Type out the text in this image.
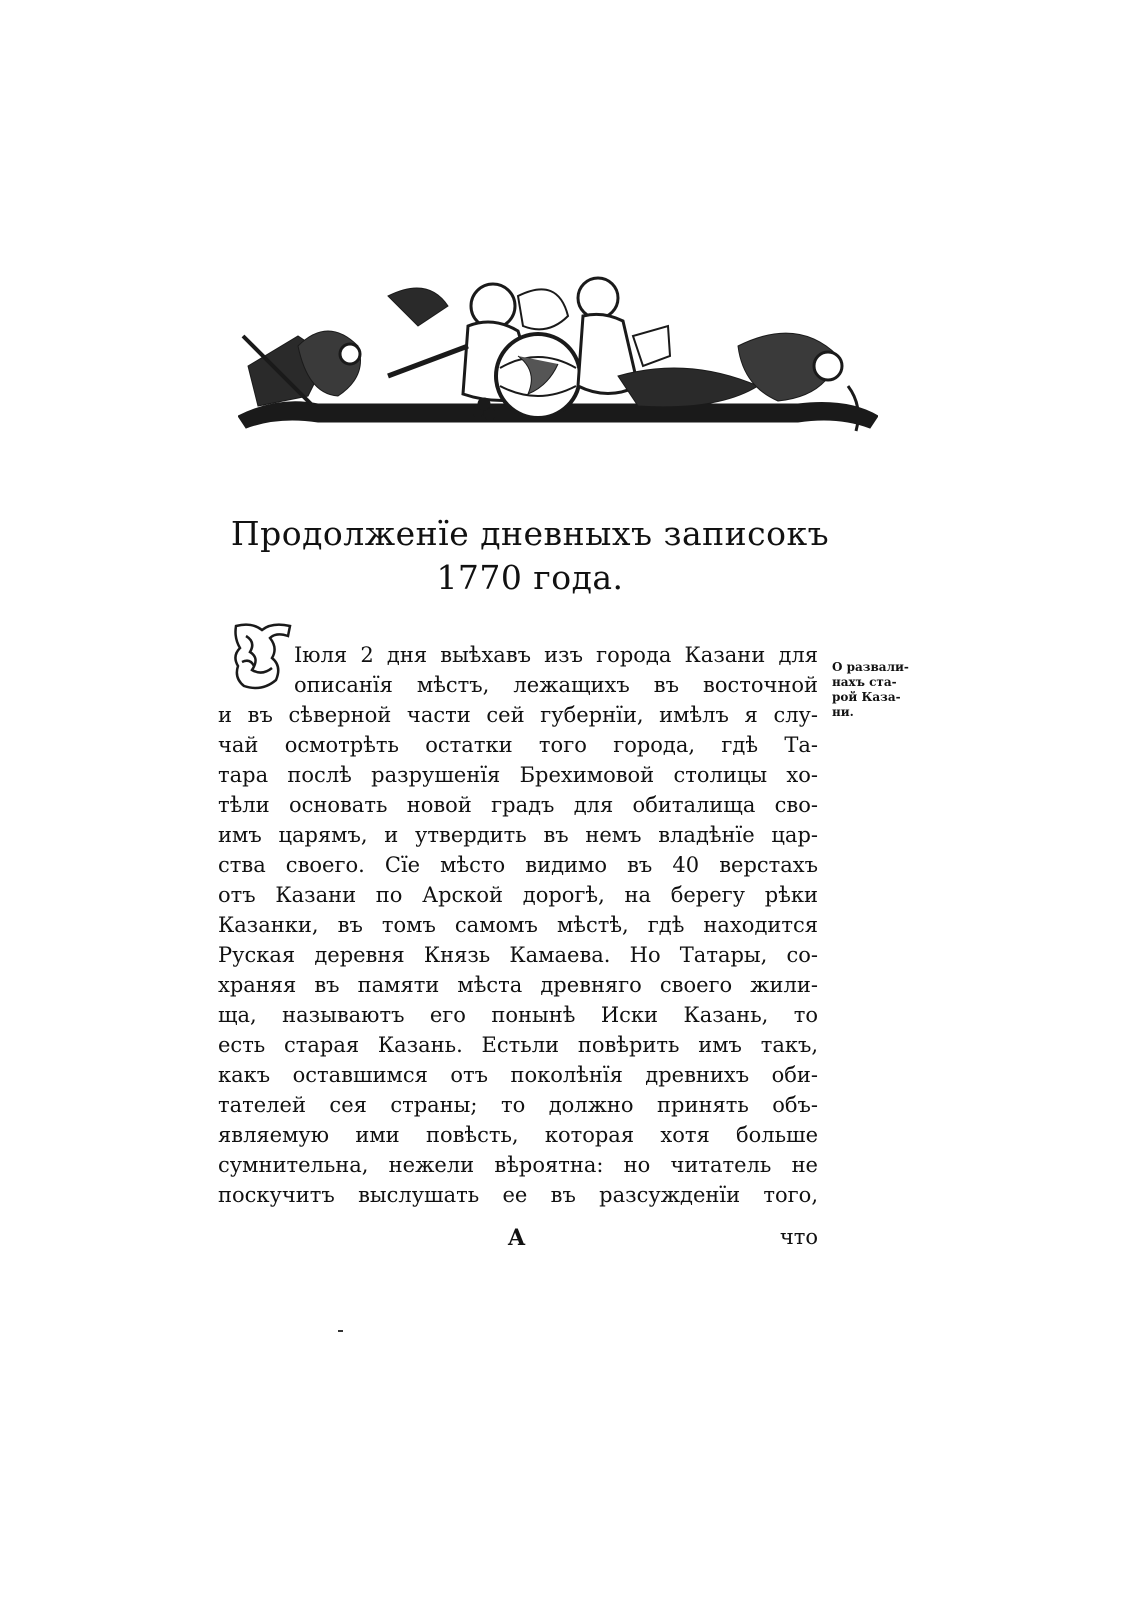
Продолженїе дневныхъ записокъ
1770 года.
Iюля 2 дня выѣхавъ изъ города Казани для
описанїя мѣстъ, лежащихъ въ восточной
и въ сѣверной части сей губернїи, имѣлъ я слу-
чай осмотрѣть остатки того города, гдѣ Та-
тара послѣ разрушенїя Брехимовой столицы хо-
тѣли основать новой градъ для обиталища сво-
имъ царямъ, и утвердить въ немъ владѣнїе цар-
ства своего. Сїе мѣсто видимо въ 40 верстахъ
отъ Казани по Арской дорогѣ, на берегу рѣки
Казанки, въ томъ самомъ мѣстѣ, гдѣ находится
Руская деревня Князь Камаева. Но Татары, со-
храняя въ памяти мѣста древняго своего жили-
ща, называютъ его понынѣ Иски Казань, то
есть старая Казань. Естьли повѣрить имъ такъ,
какъ оставшимся отъ поколѣнїя древнихъ оби-
тателей сея страны; то должно принять объ-
являемую ими повѣсть, которая хотя больше
сумнительна, нежели вѣроятна: но читатель не
поскучитъ выслушать ее въ разсужденїи того,
О развали-
нахъ ста-
рой Каза-
ни.
A	что
